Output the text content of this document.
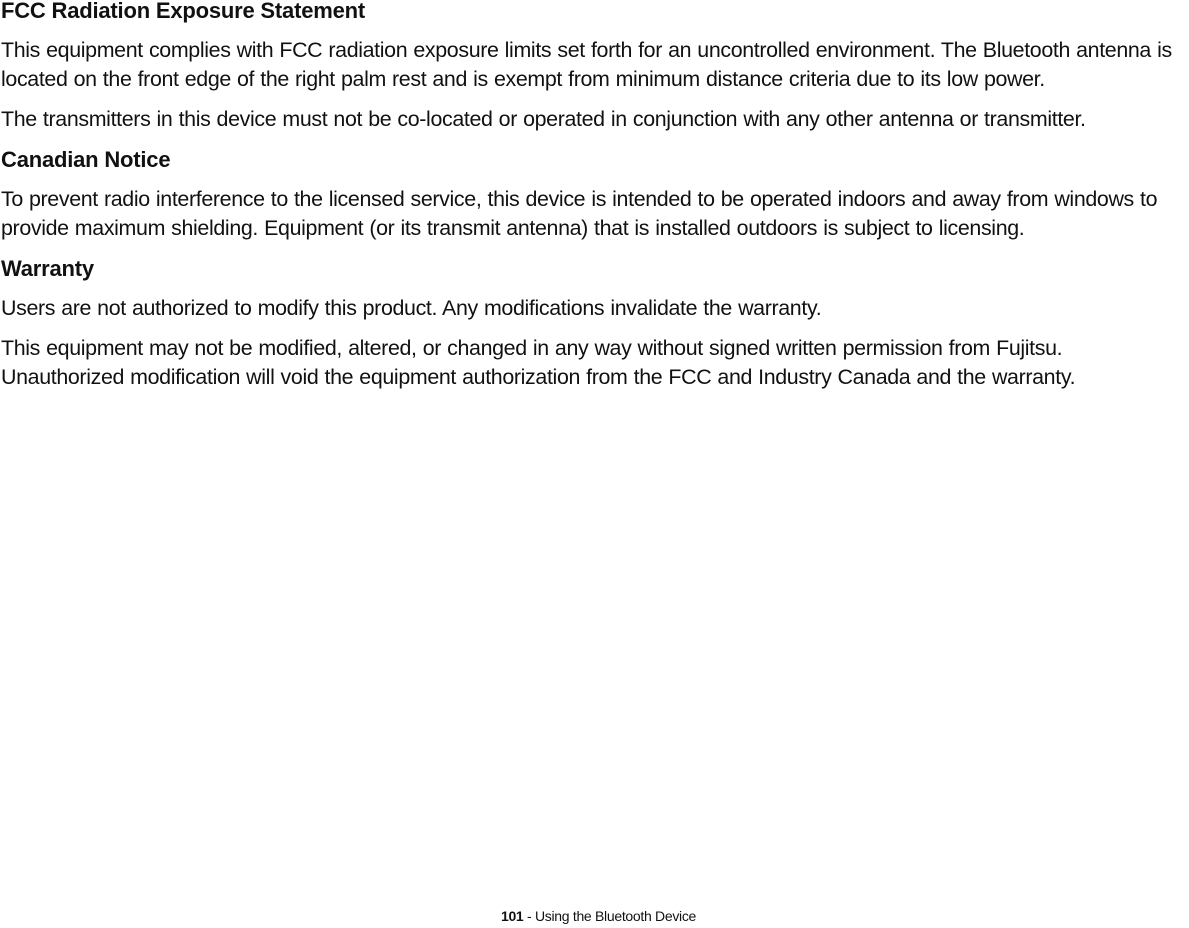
FCC Radiation Exposure Statement

This equipment complies with FCC radiation exposure limits set forth for an uncontrolled environment. The Bluetooth antenna is located on the front edge of the right palm rest and is exempt from minimum distance criteria due to its low power.

The transmitters in this device must not be co-located or operated in conjunction with any other antenna or transmitter.

Canadian Notice

To prevent radio interference to the licensed service, this device is intended to be operated indoors and away from windows to provide maximum shielding. Equipment (or its transmit antenna) that is installed outdoors is subject to licensing.

Warranty

Users are not authorized to modify this product. Any modifications invalidate the warranty.

This equipment may not be modified, altered, or changed in any way without signed written permission from Fujitsu. Unauthorized modification will void the equipment authorization from the FCC and Industry Canada and the warranty.

101 - Using the Bluetooth Device
